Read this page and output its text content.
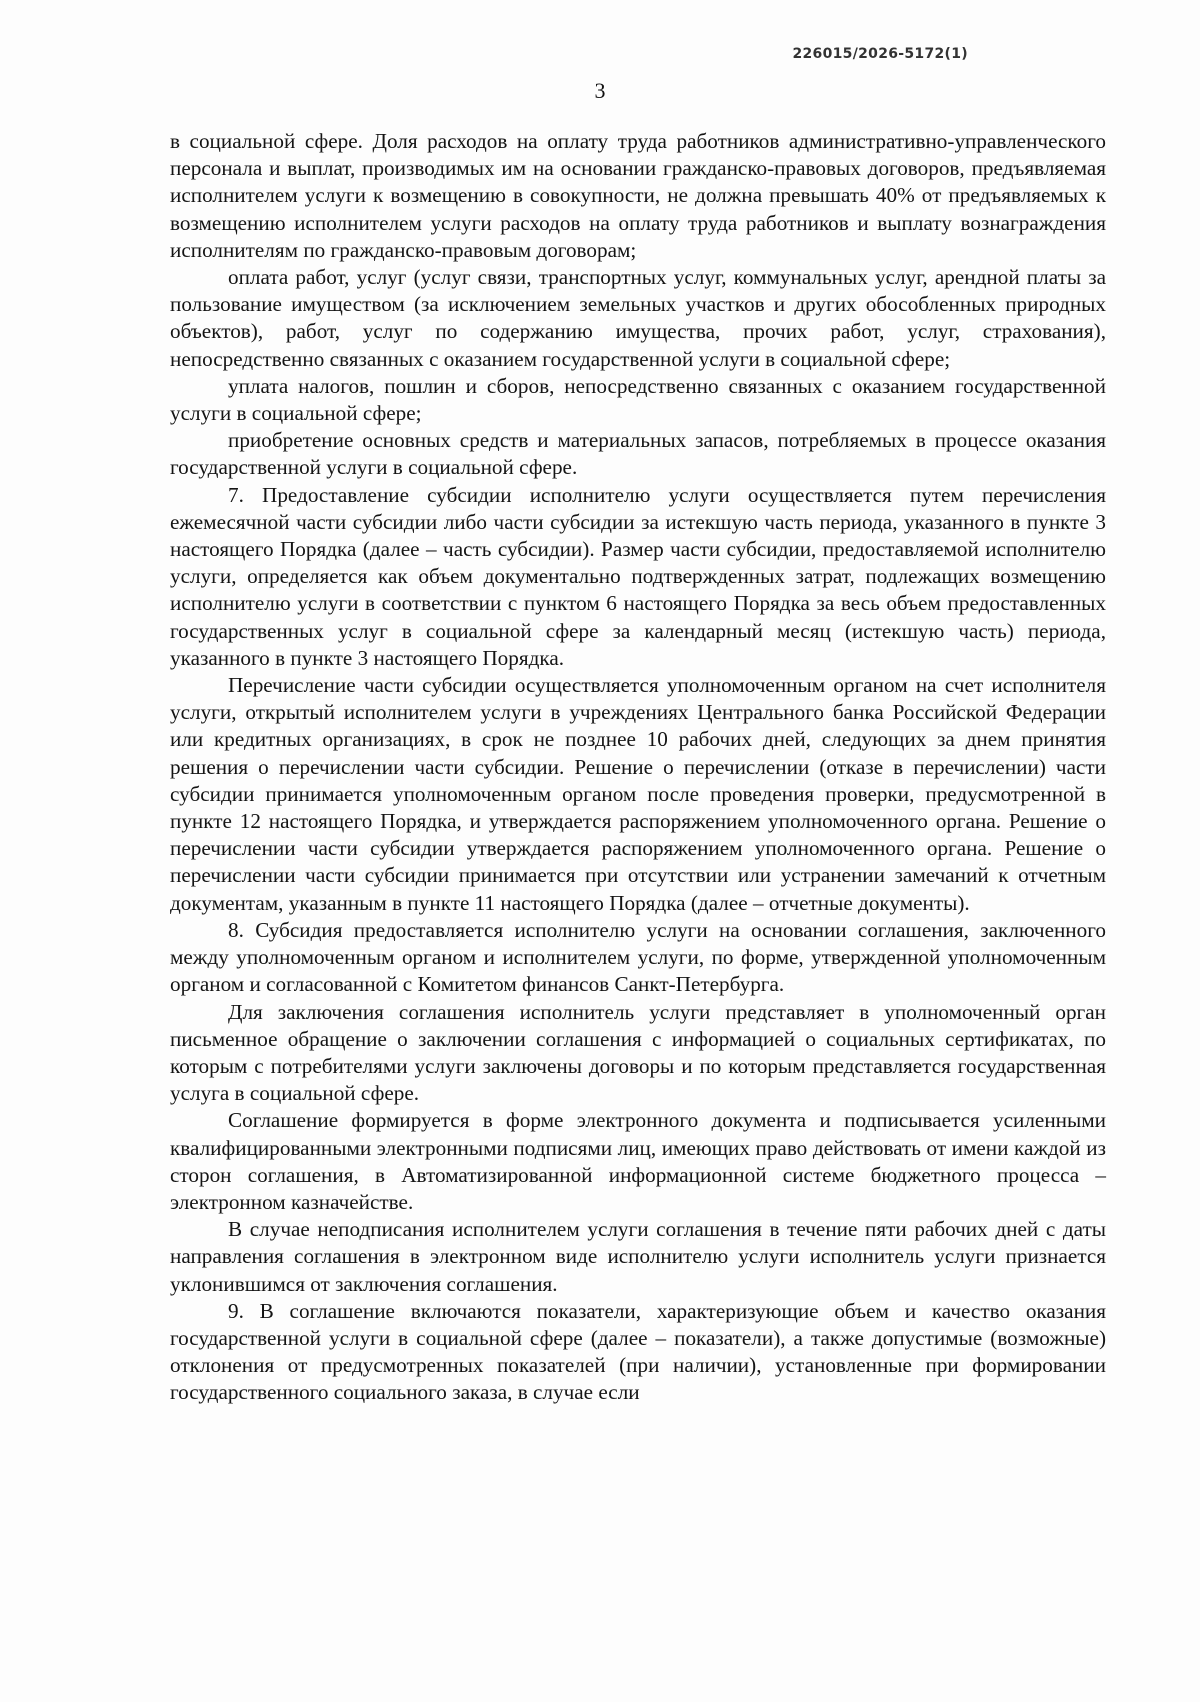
226015/2026-5172(1)
3

в социальной сфере. Доля расходов на оплату труда работников административно-управленческого персонала и выплат, производимых им на основании гражданско-правовых договоров, предъявляемая исполнителем услуги к возмещению в совокупности, не должна превышать 40% от предъявляемых к возмещению исполнителем услуги расходов на оплату труда работников и выплату вознаграждения исполнителям по гражданско-правовым договорам;

оплата работ, услуг (услуг связи, транспортных услуг, коммунальных услуг, арендной платы за пользование имуществом (за исключением земельных участков и других обособленных природных объектов), работ, услуг по содержанию имущества, прочих работ, услуг, страхования), непосредственно связанных с оказанием государственной услуги в социальной сфере;

уплата налогов, пошлин и сборов, непосредственно связанных с оказанием государственной услуги в социальной сфере;

приобретение основных средств и материальных запасов, потребляемых в процессе оказания государственной услуги в социальной сфере.

7. Предоставление субсидии исполнителю услуги осуществляется путем перечисления ежемесячной части субсидии либо части субсидии за истекшую часть периода, указанного в пункте 3 настоящего Порядка (далее – часть субсидии). Размер части субсидии, предоставляемой исполнителю услуги, определяется как объем документально подтвержденных затрат, подлежащих возмещению исполнителю услуги в соответствии с пунктом 6 настоящего Порядка за весь объем предоставленных государственных услуг в социальной сфере за календарный месяц (истекшую часть) периода, указанного в пункте 3 настоящего Порядка.

Перечисление части субсидии осуществляется уполномоченным органом на счет исполнителя услуги, открытый исполнителем услуги в учреждениях Центрального банка Российской Федерации или кредитных организациях, в срок не позднее 10 рабочих дней, следующих за днем принятия решения о перечислении части субсидии. Решение о перечислении (отказе в перечислении) части субсидии принимается уполномоченным органом после проведения проверки, предусмотренной в пункте 12 настоящего Порядка, и утверждается распоряжением уполномоченного органа. Решение о перечислении части субсидии утверждается распоряжением уполномоченного органа. Решение о перечислении части субсидии принимается при отсутствии или устранении замечаний к отчетным документам, указанным в пункте 11 настоящего Порядка (далее – отчетные документы).

8. Субсидия предоставляется исполнителю услуги на основании соглашения, заключенного между уполномоченным органом и исполнителем услуги, по форме, утвержденной уполномоченным органом и согласованной с Комитетом финансов Санкт-Петербурга.

Для заключения соглашения исполнитель услуги представляет в уполномоченный орган письменное обращение о заключении соглашения с информацией о социальных сертификатах, по которым с потребителями услуги заключены договоры и по которым представляется государственная услуга в социальной сфере.

Соглашение формируется в форме электронного документа и подписывается усиленными квалифицированными электронными подписями лиц, имеющих право действовать от имени каждой из сторон соглашения, в Автоматизированной информационной системе бюджетного процесса – электронном казначействе.

В случае неподписания исполнителем услуги соглашения в течение пяти рабочих дней с даты направления соглашения в электронном виде исполнителю услуги исполнитель услуги признается уклонившимся от заключения соглашения.

9. В соглашение включаются показатели, характеризующие объем и качество оказания государственной услуги в социальной сфере (далее – показатели), а также допустимые (возможные) отклонения от предусмотренных показателей (при наличии), установленные при формировании государственного социального заказа, в случае если
